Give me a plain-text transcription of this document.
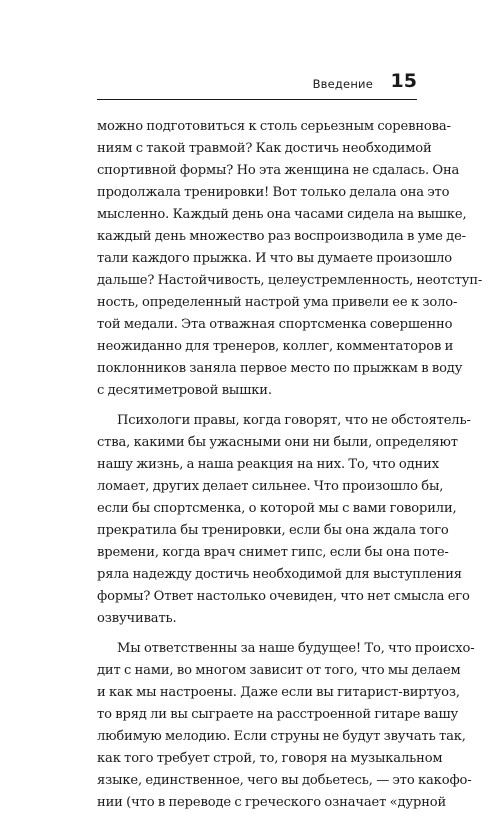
Введение 15
можно подготовиться к столь серьезным соревнова-
ниям с такой травмой? Как достичь необходимой
спортивной формы? Но эта женщина не сдалась. Она
продолжала тренировки! Вот только делала она это
мысленно. Каждый день она часами сидела на вышке,
каждый день множество раз воспроизводила в уме де-
тали каждого прыжка. И что вы думаете произошло
дальше? Настойчивость, целеустремленность, неотступ-
ность, определенный настрой ума привели ее к золо-
той медали. Эта отважная спортсменка совершенно
неожиданно для тренеров, коллег, комментаторов и
поклонников заняла первое место по прыжкам в воду
с десятиметровой вышки.
Психологи правы, когда говорят, что не обстоятель-
ства, какими бы ужасными они ни были, определяют
нашу жизнь, а наша реакция на них. То, что одних
ломает, других делает сильнее. Что произошло бы,
если бы спортсменка, о которой мы с вами говорили,
прекратила бы тренировки, если бы она ждала того
времени, когда врач снимет гипс, если бы она поте-
ряла надежду достичь необходимой для выступления
формы? Ответ настолько очевиден, что нет смысла его
озвучивать.
Мы ответственны за наше будущее! То, что происхо-
дит с нами, во многом зависит от того, что мы делаем
и как мы настроены. Даже если вы гитарист-виртуоз,
то вряд ли вы сыграете на расстроенной гитаре вашу
любимую мелодию. Если струны не будут звучать так,
как того требует строй, то, говоря на музыкальном
языке, единственное, чего вы добьетесь, — это какофо-
нии (что в переводе с греческого означает «дурной
